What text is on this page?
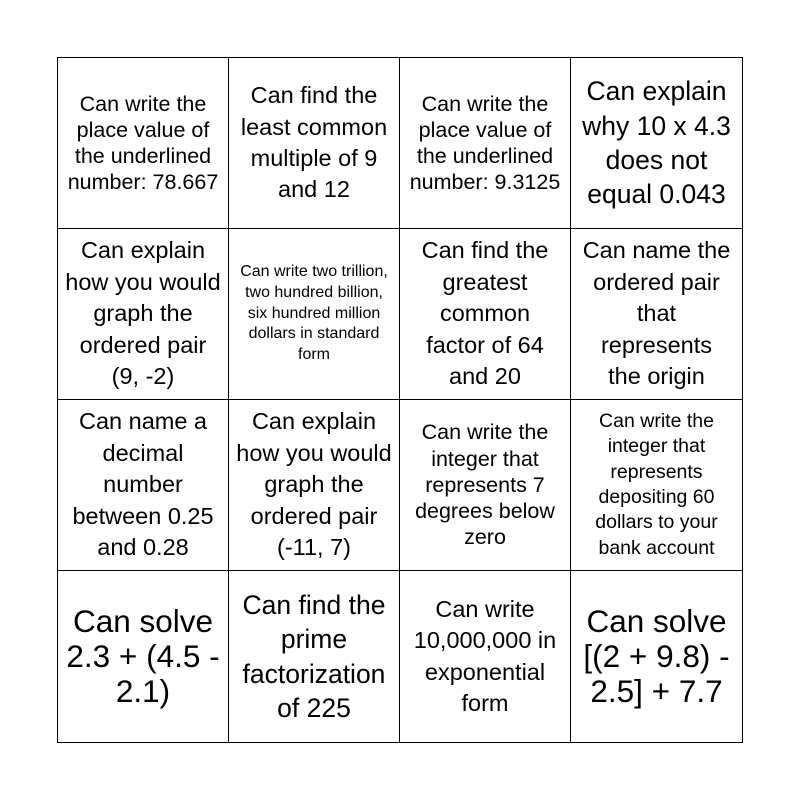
Can write the place value of the underlined number: 78.667
Can find the least common multiple of 9 and 12
Can write the place value of the underlined number: 9.3125
Can explain why 10 x 4.3 does not equal 0.043
Can explain how you would graph the ordered pair (9, -2)
Can write two trillion, two hundred billion, six hundred million dollars in standard form
Can find the greatest common factor of 64 and 20
Can name the ordered pair that represents the origin
Can name a decimal number between 0.25 and 0.28
Can explain how you would graph the ordered pair (-11, 7)
Can write the integer that represents 7 degrees below zero
Can write the integer that represents depositing 60 dollars to your bank account
Can solve 2.3 + (4.5 - 2.1)
Can find the prime factorization of 225
Can write 10,000,000 in exponential form
Can solve [(2 + 9.8) - 2.5] + 7.7
